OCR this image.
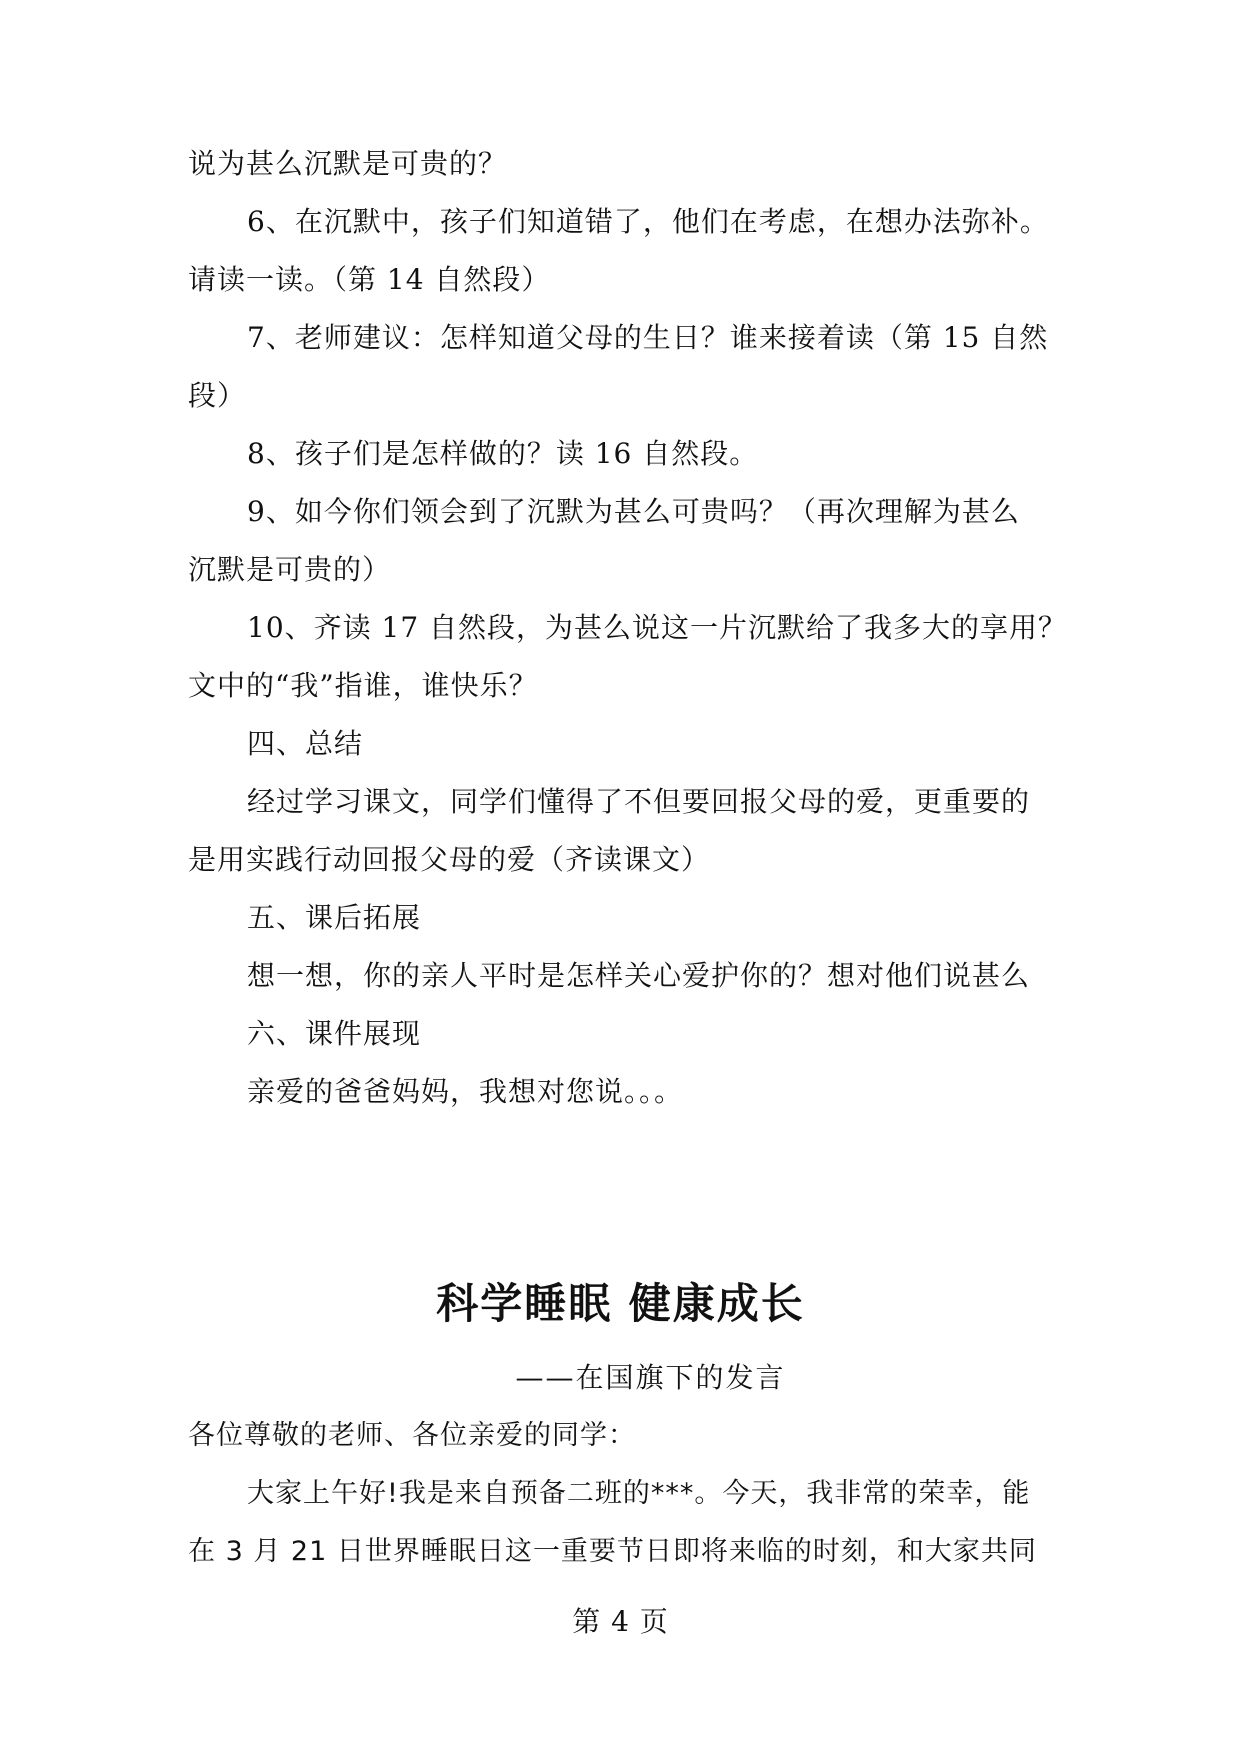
说为甚么沉默是可贵的？
6、在沉默中，孩子们知道错了，他们在考虑，在想办法弥补。
请读一读。（第 14 自然段）
7、老师建议：怎样知道父母的生日？谁来接着读（第 15 自然
段）
8、孩子们是怎样做的？读 16 自然段。
9、如今你们领会到了沉默为甚么可贵吗？（再次理解为甚么
沉默是可贵的）
10、齐读 17 自然段，为甚么说这一片沉默给了我多大的享用？
文中的“我”指谁，谁快乐？
四、总结
经过学习课文，同学们懂得了不但要回报父母的爱，更重要的
是用实践行动回报父母的爱（齐读课文）
五、课后拓展
想一想，你的亲人平时是怎样关心爱护你的？想对他们说甚么
六、课件展现
亲爱的爸爸妈妈，我想对您说。。。
科学睡眠 健康成长
——在国旗下的发言
各位尊敬的老师、各位亲爱的同学：
大家上午好!我是来自预备二班的***。今天，我非常的荣幸，能
在 3 月 21 日世界睡眠日这一重要节日即将来临的时刻，和大家共同
第 4 页
